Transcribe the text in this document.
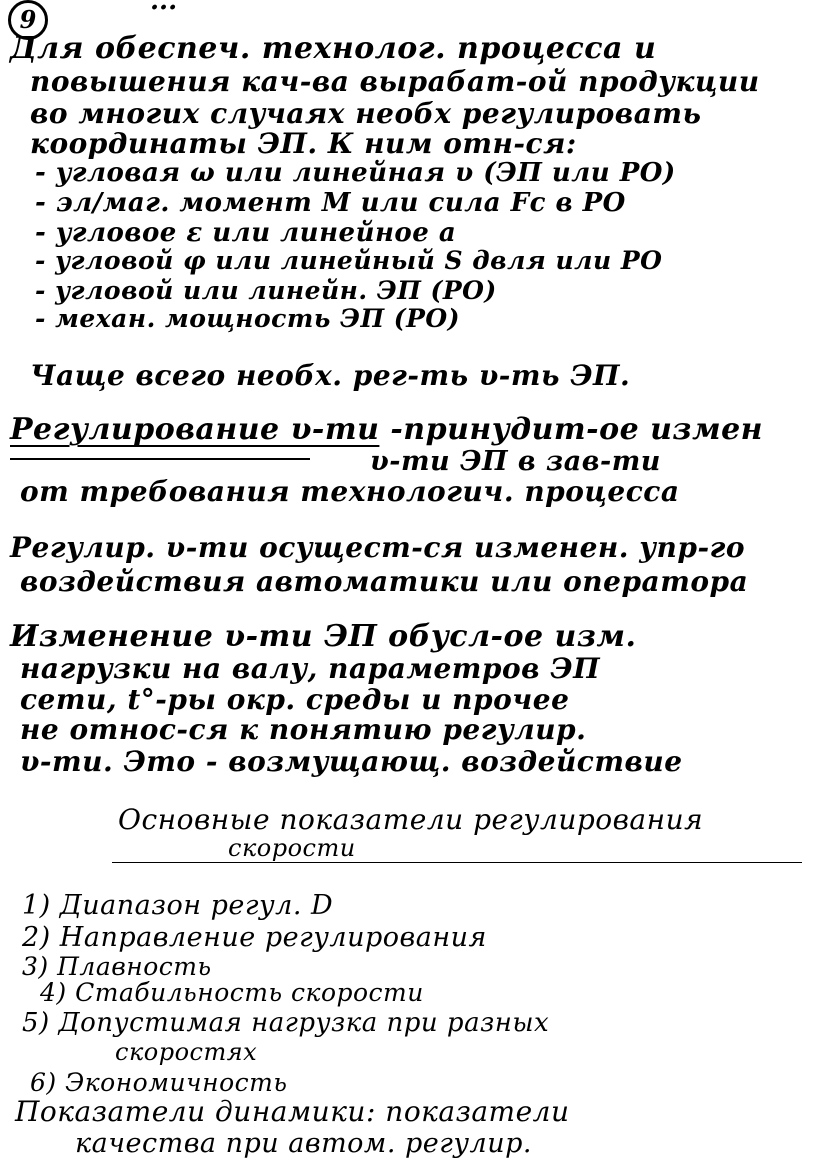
9
...
Для обеспеч. технолог. процесса и
повышения кач-ва вырабат-ой продукции
во многих случаях необх регулировать
координаты ЭП. К ним отн-ся:
- угловая ω или линейная υ (ЭП или РО)
- эл/маг. момент M или сила Fc в РО
- угловое ε или линейное a
- угловой φ или линейный S двля или РО
- угловой или линейн. ЭП (РО)
- механ. мощность ЭП (РО)
Чаще всего необх. рег-ть υ-ть ЭП.
Регулирование υ-ти -принудит-ое измен
υ-ти ЭП в зав-ти
от требования технологич. процесса
Регулир. υ-ти осущест-ся изменен. упр-го
воздействия автоматики или оператора
Изменение υ-ти ЭП обусл-ое изм.
нагрузки на валу, параметров ЭП
сети, t°-ры окр. среды и прочее
не относ-ся к понятию регулир.
υ-ти. Это - возмущающ. воздействие
Основные показатели регулирования
скорости
1) Диапазон регул. D
2) Направление регулирования
3) Плавность
4) Стабильность скорости
5) Допустимая нагрузка при разных
скоростях
6) Экономичность
Показатели динамики: показатели
качества при автом. регулир.
